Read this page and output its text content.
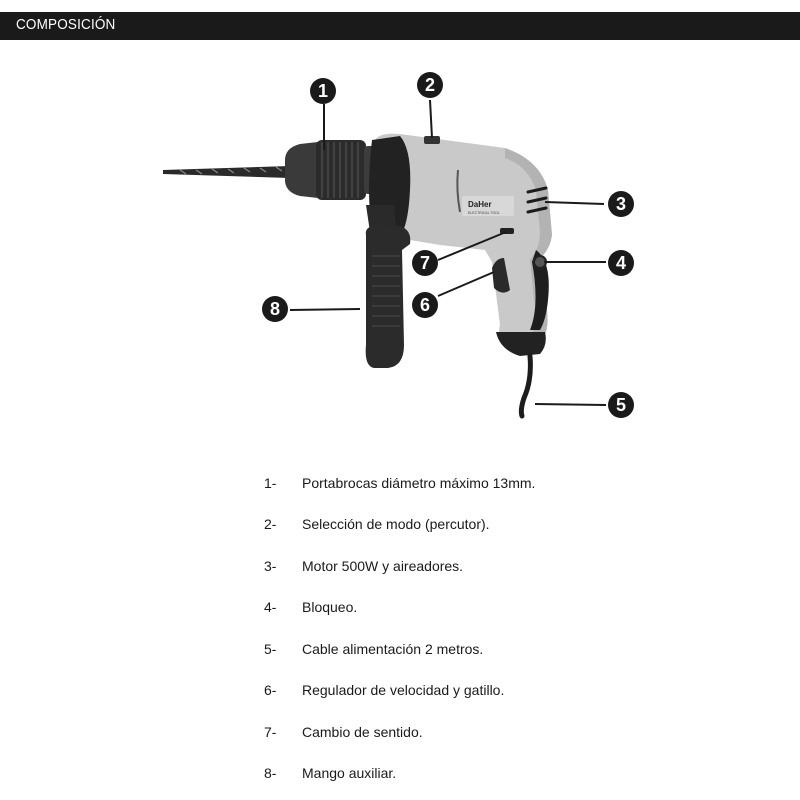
COMPOSICIÓN
DaHer
ELECTRICAL TOOL
1	2
3
4
5
6
7
8
1-	Portabrocas diámetro máximo 13mm.
2-	Selección de modo (percutor).
3-	Motor 500W y aireadores.
4-	Bloqueo.
5-	Cable alimentación 2 metros.
6-	Regulador de velocidad y gatillo.
7-	Cambio de sentido.
8-	Mango auxiliar.
